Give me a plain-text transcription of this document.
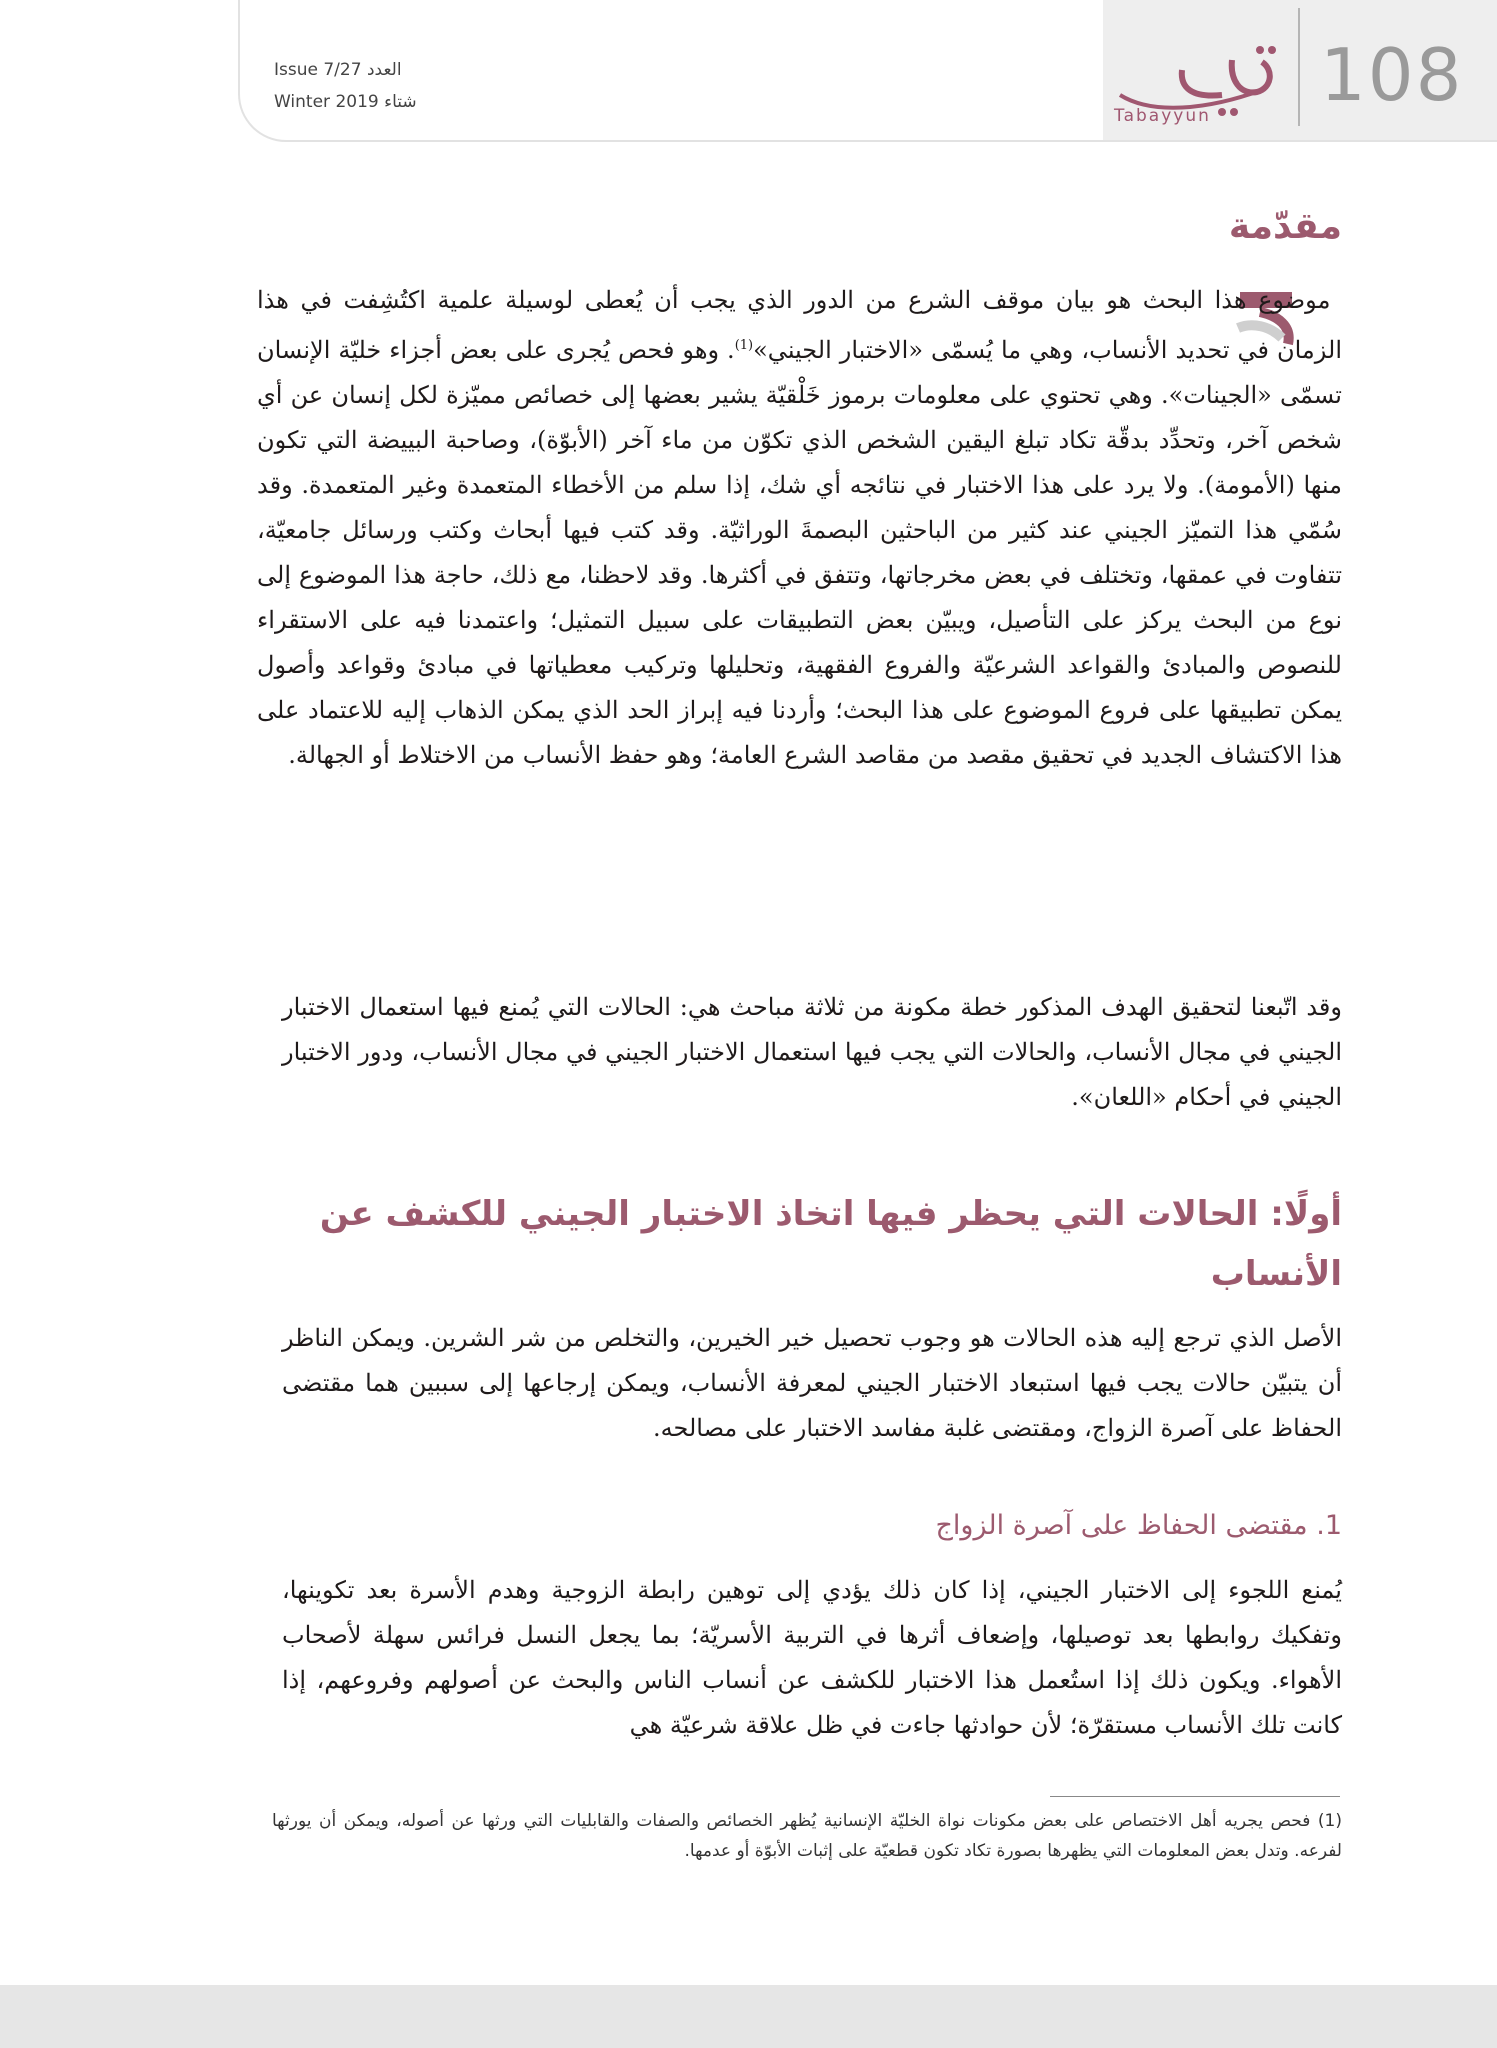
108
Tabayyun
Issue 7/27 العدد
Winter 2019 شتاء
مقدّمة
موضوع هذا البحث هو بيان موقف الشرع من الدور الذي يجب أن يُعطى لوسيلة علمية اكتُشِفت في هذا الزمان في تحديد الأنساب، وهي ما يُسمّى «الاختبار الجيني»$^{(1)}$. وهو فحص يُجرى على بعض أجزاء خليّة الإنسان تسمّى «الجينات». وهي تحتوي على معلومات برموز خَلْقيّة يشير بعضها إلى خصائص مميّزة لكل إنسان عن أي شخص آخر، وتحدِّد بدقّة تكاد تبلغ اليقين الشخص الذي تكوّن من ماء آخر (الأبوّة)، وصاحبة البييضة التي تكون منها (الأمومة). ولا يرد على هذا الاختبار في نتائجه أي شك، إذا سلم من الأخطاء المتعمدة وغير المتعمدة. وقد سُمّي هذا التميّز الجيني عند كثير من الباحثين البصمةَ الوراثيّة. وقد كتب فيها أبحاث وكتب ورسائل جامعيّة، تتفاوت في عمقها، وتختلف في بعض مخرجاتها، وتتفق في أكثرها. وقد لاحظنا، مع ذلك، حاجة هذا الموضوع إلى نوع من البحث يركز على التأصيل، ويبيّن بعض التطبيقات على سبيل التمثيل؛ واعتمدنا فيه على الاستقراء للنصوص والمبادئ والقواعد الشرعيّة والفروع الفقهية، وتحليلها وتركيب معطياتها في مبادئ وقواعد وأصول يمكن تطبيقها على فروع الموضوع على هذا البحث؛ وأردنا فيه إبراز الحد الذي يمكن الذهاب إليه للاعتماد على هذا الاكتشاف الجديد في تحقيق مقصد من مقاصد الشرع العامة؛ وهو حفظ الأنساب من الاختلاط أو الجهالة.
وقد اتّبعنا لتحقيق الهدف المذكور خطة مكونة من ثلاثة مباحث هي: الحالات التي يُمنع فيها استعمال الاختبار الجيني في مجال الأنساب، والحالات التي يجب فيها استعمال الاختبار الجيني في مجال الأنساب، ودور الاختبار الجيني في أحكام «اللعان».
أولًا: الحالات التي يحظر فيها اتخاذ الاختبار الجيني للكشف عن الأنساب
الأصل الذي ترجع إليه هذه الحالات هو وجوب تحصيل خير الخيرين، والتخلص من شر الشرين. ويمكن الناظر أن يتبيّن حالات يجب فيها استبعاد الاختبار الجيني لمعرفة الأنساب، ويمكن إرجاعها إلى سببين هما مقتضى الحفاظ على آصرة الزواج، ومقتضى غلبة مفاسد الاختبار على مصالحه.
1. مقتضى الحفاظ على آصرة الزواج
يُمنع اللجوء إلى الاختبار الجيني، إذا كان ذلك يؤدي إلى توهين رابطة الزوجية وهدم الأسرة بعد تكوينها، وتفكيك روابطها بعد توصيلها، وإضعاف أثرها في التربية الأسريّة؛ بما يجعل النسل فرائس سهلة لأصحاب الأهواء. ويكون ذلك إذا استُعمل هذا الاختبار للكشف عن أنساب الناس والبحث عن أصولهم وفروعهم، إذا كانت تلك الأنساب مستقرّة؛ لأن حوادثها جاءت في ظل علاقة شرعيّة هي
(1) فحص يجريه أهل الاختصاص على بعض مكونات نواة الخليّة الإنسانية يُظهر الخصائص والصفات والقابليات التي ورثها عن أصوله، ويمكن أن يورثها لفرعه. وتدل بعض المعلومات التي يظهرها بصورة تكاد تكون قطعيّة على إثبات الأبوّة أو عدمها.
